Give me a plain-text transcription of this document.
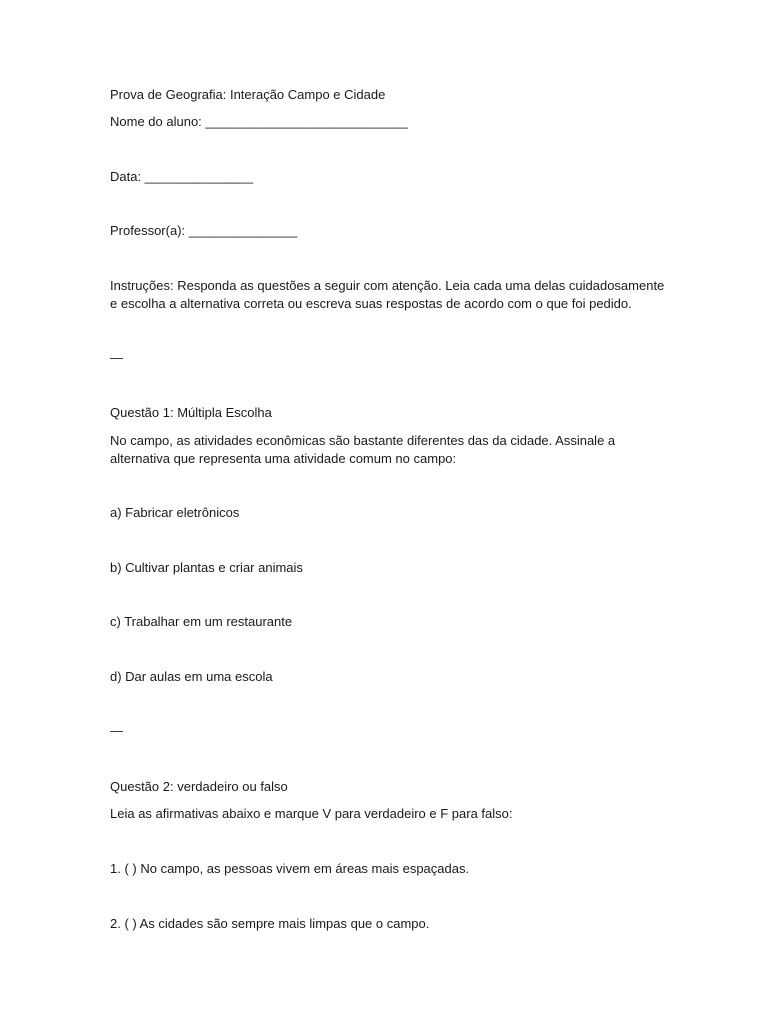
Prova de Geografia: Interação Campo e Cidade
Nome do aluno: ____________________________
Data: _______________
Professor(a): _______________
Instruções: Responda as questões a seguir com atenção. Leia cada uma delas cuidadosamente
e escolha a alternativa correta ou escreva suas respostas de acordo com o que foi pedido.
—
Questão 1: Múltipla Escolha
No campo, as atividades econômicas são bastante diferentes das da cidade. Assinale a
alternativa que representa uma atividade comum no campo:
a) Fabricar eletrônicos
b) Cultivar plantas e criar animais
c) Trabalhar em um restaurante
d) Dar aulas em uma escola
—
Questão 2: verdadeiro ou falso
Leia as afirmativas abaixo e marque V para verdadeiro e F para falso:
1. ( ) No campo, as pessoas vivem em áreas mais espaçadas.
2. ( ) As cidades são sempre mais limpas que o campo.
